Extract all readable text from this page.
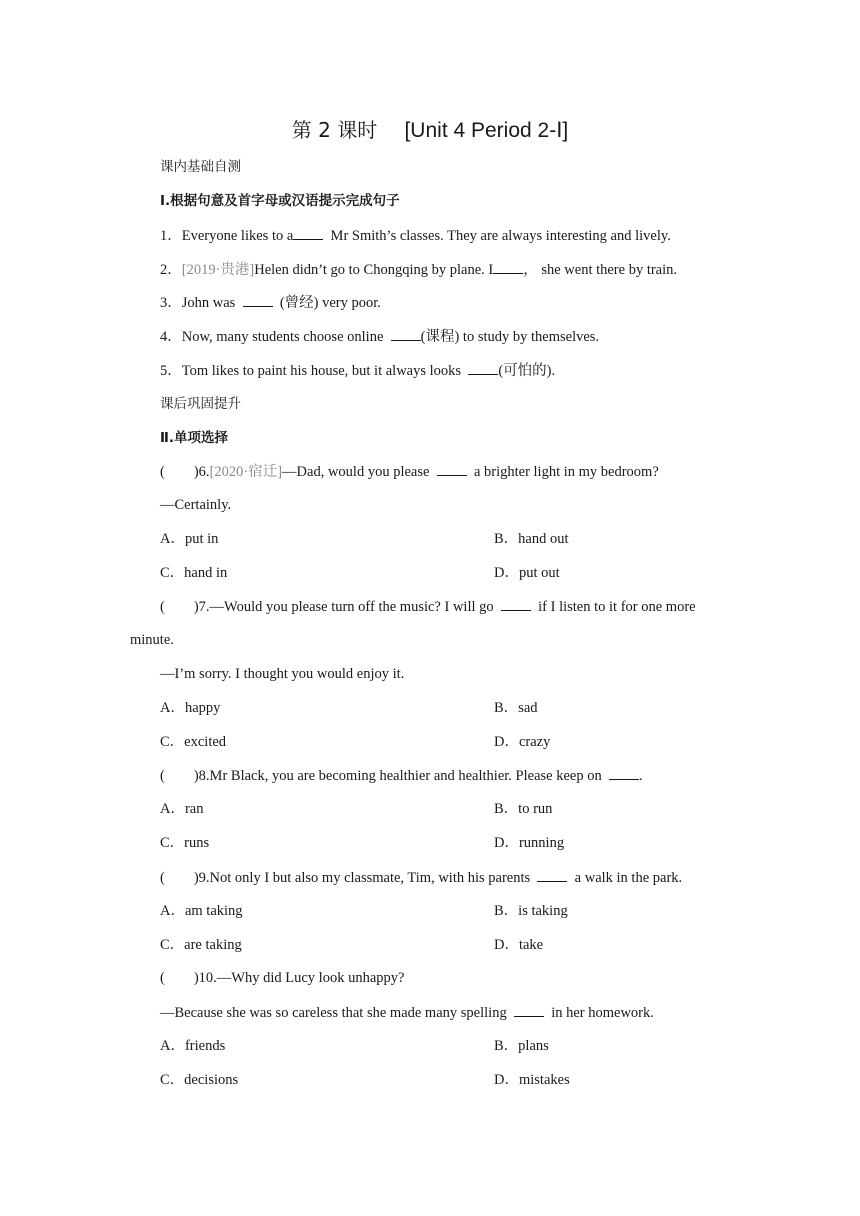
第 2 课时 [Unit 4 Period 2-Ⅰ]
课内基础自测
Ⅰ.根据句意及首字母或汉语提示完成句子
1．Everyone likes to a	Mr Smith’s classes. They are always interesting and lively.
2．[2019·贵港]Helen didn’t go to Chongqing by plane. I ， she went there by train.
3．John was	(曾经) very poor.
4．Now, many students choose online	(课程) to study by themselves.
5．Tom likes to paint his house, but it always looks	(可怕的).
课后巩固提升
Ⅱ.单项选择
(　　)6.[2020·宿迁]—Dad, would you please	a brighter light in my bedroom?
—Certainly.
A．put in	B．hand out
C．hand in	D．put out
(　　)7.—Would you please turn off the music? I will go	if I listen to it for one more
minute.
—I’m sorry. I thought you would enjoy it.
A．happy	B．sad
C．excited	D．crazy
(　　)8.Mr Black, you are becoming healthier and healthier. Please keep on	.
A．ran	B．to run
C．runs	D．running
(　　)9.Not only I but also my classmate, Tim, with his parents	a walk in the park.
A．am taking	B．is taking
C．are taking	D．take
(　　)10.—Why did Lucy look unhappy?
—Because she was so careless that she made many spelling	in her homework.
A．friends	B．plans
C．decisions	D．mistakes
